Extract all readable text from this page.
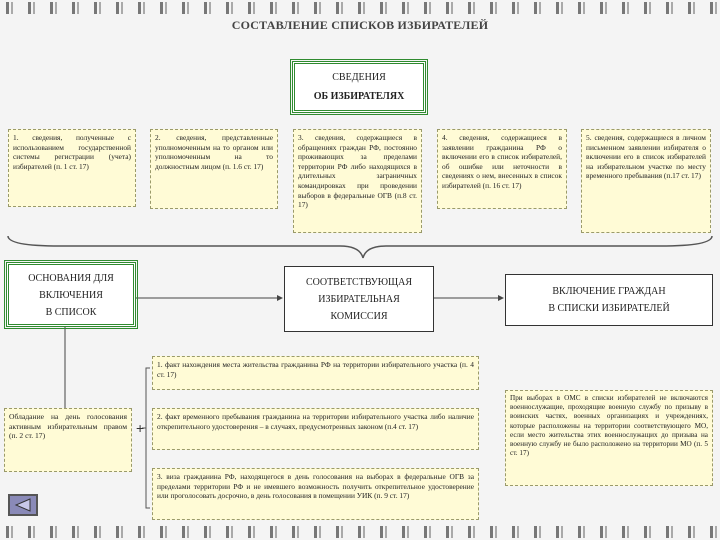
СОСТАВЛЕНИЕ СПИСКОВ ИЗБИРАТЕЛЕЙ
СВЕДЕНИЯ
ОБ ИЗБИРАТЕЛЯХ
1. сведения, полученные с использованием государственной системы регистрации (учета) избирателей (п. 1 ст. 17)
2. сведения, представленные уполномоченным на то органом или уполномоченным на то должностным лицом (п. 1.6 ст. 17)
3. сведения, содержащиеся в обращениях граждан РФ, постоянно проживающих за пределами территории РФ либо находящихся в длительных заграничных командировках при проведении выборов в федеральные ОГВ (п.8 ст. 17)
4. сведения, содержащиеся в заявлении гражданина РФ о включении его в список избирателей, об ошибке или неточности в сведениях о нем, внесенных в список избирателей (п. 16 ст. 17)
5. сведения, содержащиеся в личном письменном заявлении избирателя о включении его в список избирателей на избирательном участке по месту временного пребывания (п.17 ст. 17)
ОСНОВАНИЯ ДЛЯ
ВКЛЮЧЕНИЯ
В СПИСОК
СООТВЕТСТВУЮЩАЯ
ИЗБИРАТЕЛЬНАЯ
КОМИССИЯ
ВКЛЮЧЕНИЕ ГРАЖДАН
В СПИСКИ ИЗБИРАТЕЛЕЙ
Обладание на день голосования активным избирательным правом (п. 2 ст. 17)	+
1. факт нахождения места жительства гражданина РФ на территории избирательного участка (п. 4 ст. 17)
2. факт временного пребывания гражданина на территории избирательного участка либо наличие открепительного удостоверения – в случаях, предусмотренных законом (п.4 ст. 17)
3. виза гражданина РФ, находящегося в день голосования на выборах в федеральные ОГВ за пределами территории РФ и не имевшего возможность получить открепительное удостоверение или проголосовать досрочно, в день голосования в помещении УИК (п. 9 ст. 17)
При выборах в ОМС в списки избирателей не включаются военнослужащие, проходящие военную службу по призыву в воинских частях, военных организациях и учреждениях, которые расположены на территории соответствующего МО, если место жительства этих военнослужащих до призыва на военную службу не было расположено на территории МО (п. 5 ст. 17)
